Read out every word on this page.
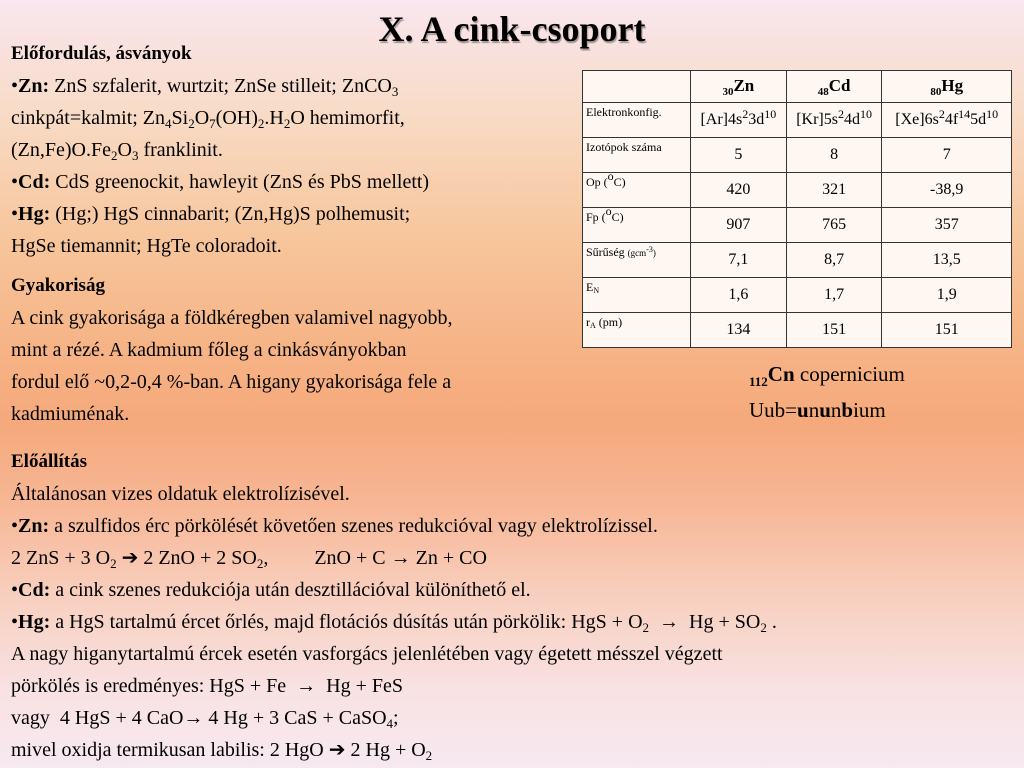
X. A cink-csoport
Előfordulás, ásványok
•Zn: ZnS szfalerit, wurtzit; ZnSe stilleit; ZnCO$_3$
cinkpát=kalmit; $Zn_4Si_2O_7(OH)_2.H_2O$ hemimorfit,
$(Zn,Fe)O.Fe_2O_3$ franklinit.
•Cd: CdS greenockit, hawleyit (ZnS és PbS mellett)
•Hg: (Hg;) HgS cinnabarit; (Zn,Hg)S polhemusit;
HgSe tiemannit; HgTe coloradoit.
Gyakoriság
A cink gyakorisága a földkéregben valamivel nagyobb,
mint a rézé. A kadmium főleg a cinkásványokban
fordul elő ~0,2-0,4 %-ban. A higany gyakorisága fele a
kadmiuménak.
	$_{30}$Zn	$_{48}$Cd	$_{80}$Hg
Elektronkonfig.	$[Ar]4s^23d^{10}$	$[Kr]5s^24d^{10}$	$[Xe]6s^24f^{14}5d^{10}$
Izotópok száma	5	8	7
Op ($^o$C)	420	321	-38,9
Fp ($^o$C)	907	765	357
Sűrűség (gcm$^{-3}$)	7,1	8,7	13,5
$E_N$	1,6	1,7	1,9
$r_A$ (pm)	134	151	151
$_{112}$Cn copernicium
Uub=ununbium
Előállítás
Általánosan vizes oldatuk elektrolízisével.
•Zn: a szulfidos érc pörkölését követően szenes redukcióval vagy elektrolízissel.
2 ZnS + 3 $O_2$ ➔ 2 ZnO + 2 $SO_2$, ZnO + C → Zn + CO
•Cd: a cink szenes redukciója után desztillációval különíthető el.
•Hg: a HgS tartalmú ércet őrlés, majd flotációs dúsítás után pörkölik: HgS + $O_2 \to Hg + SO_2$ .
A nagy higanytartalmú ércek esetén vasforgács jelenlétében vagy égetett mésszel végzett
pörkölés is eredményes: HgS + Fe  →  Hg + FeS
vagy  4 HgS + 4 CaO→ 4 Hg + 3 CaS + CaSO$_4$;
mivel oxidja termikusan labilis: 2 HgO ➔ 2 $Hg + O_2$
